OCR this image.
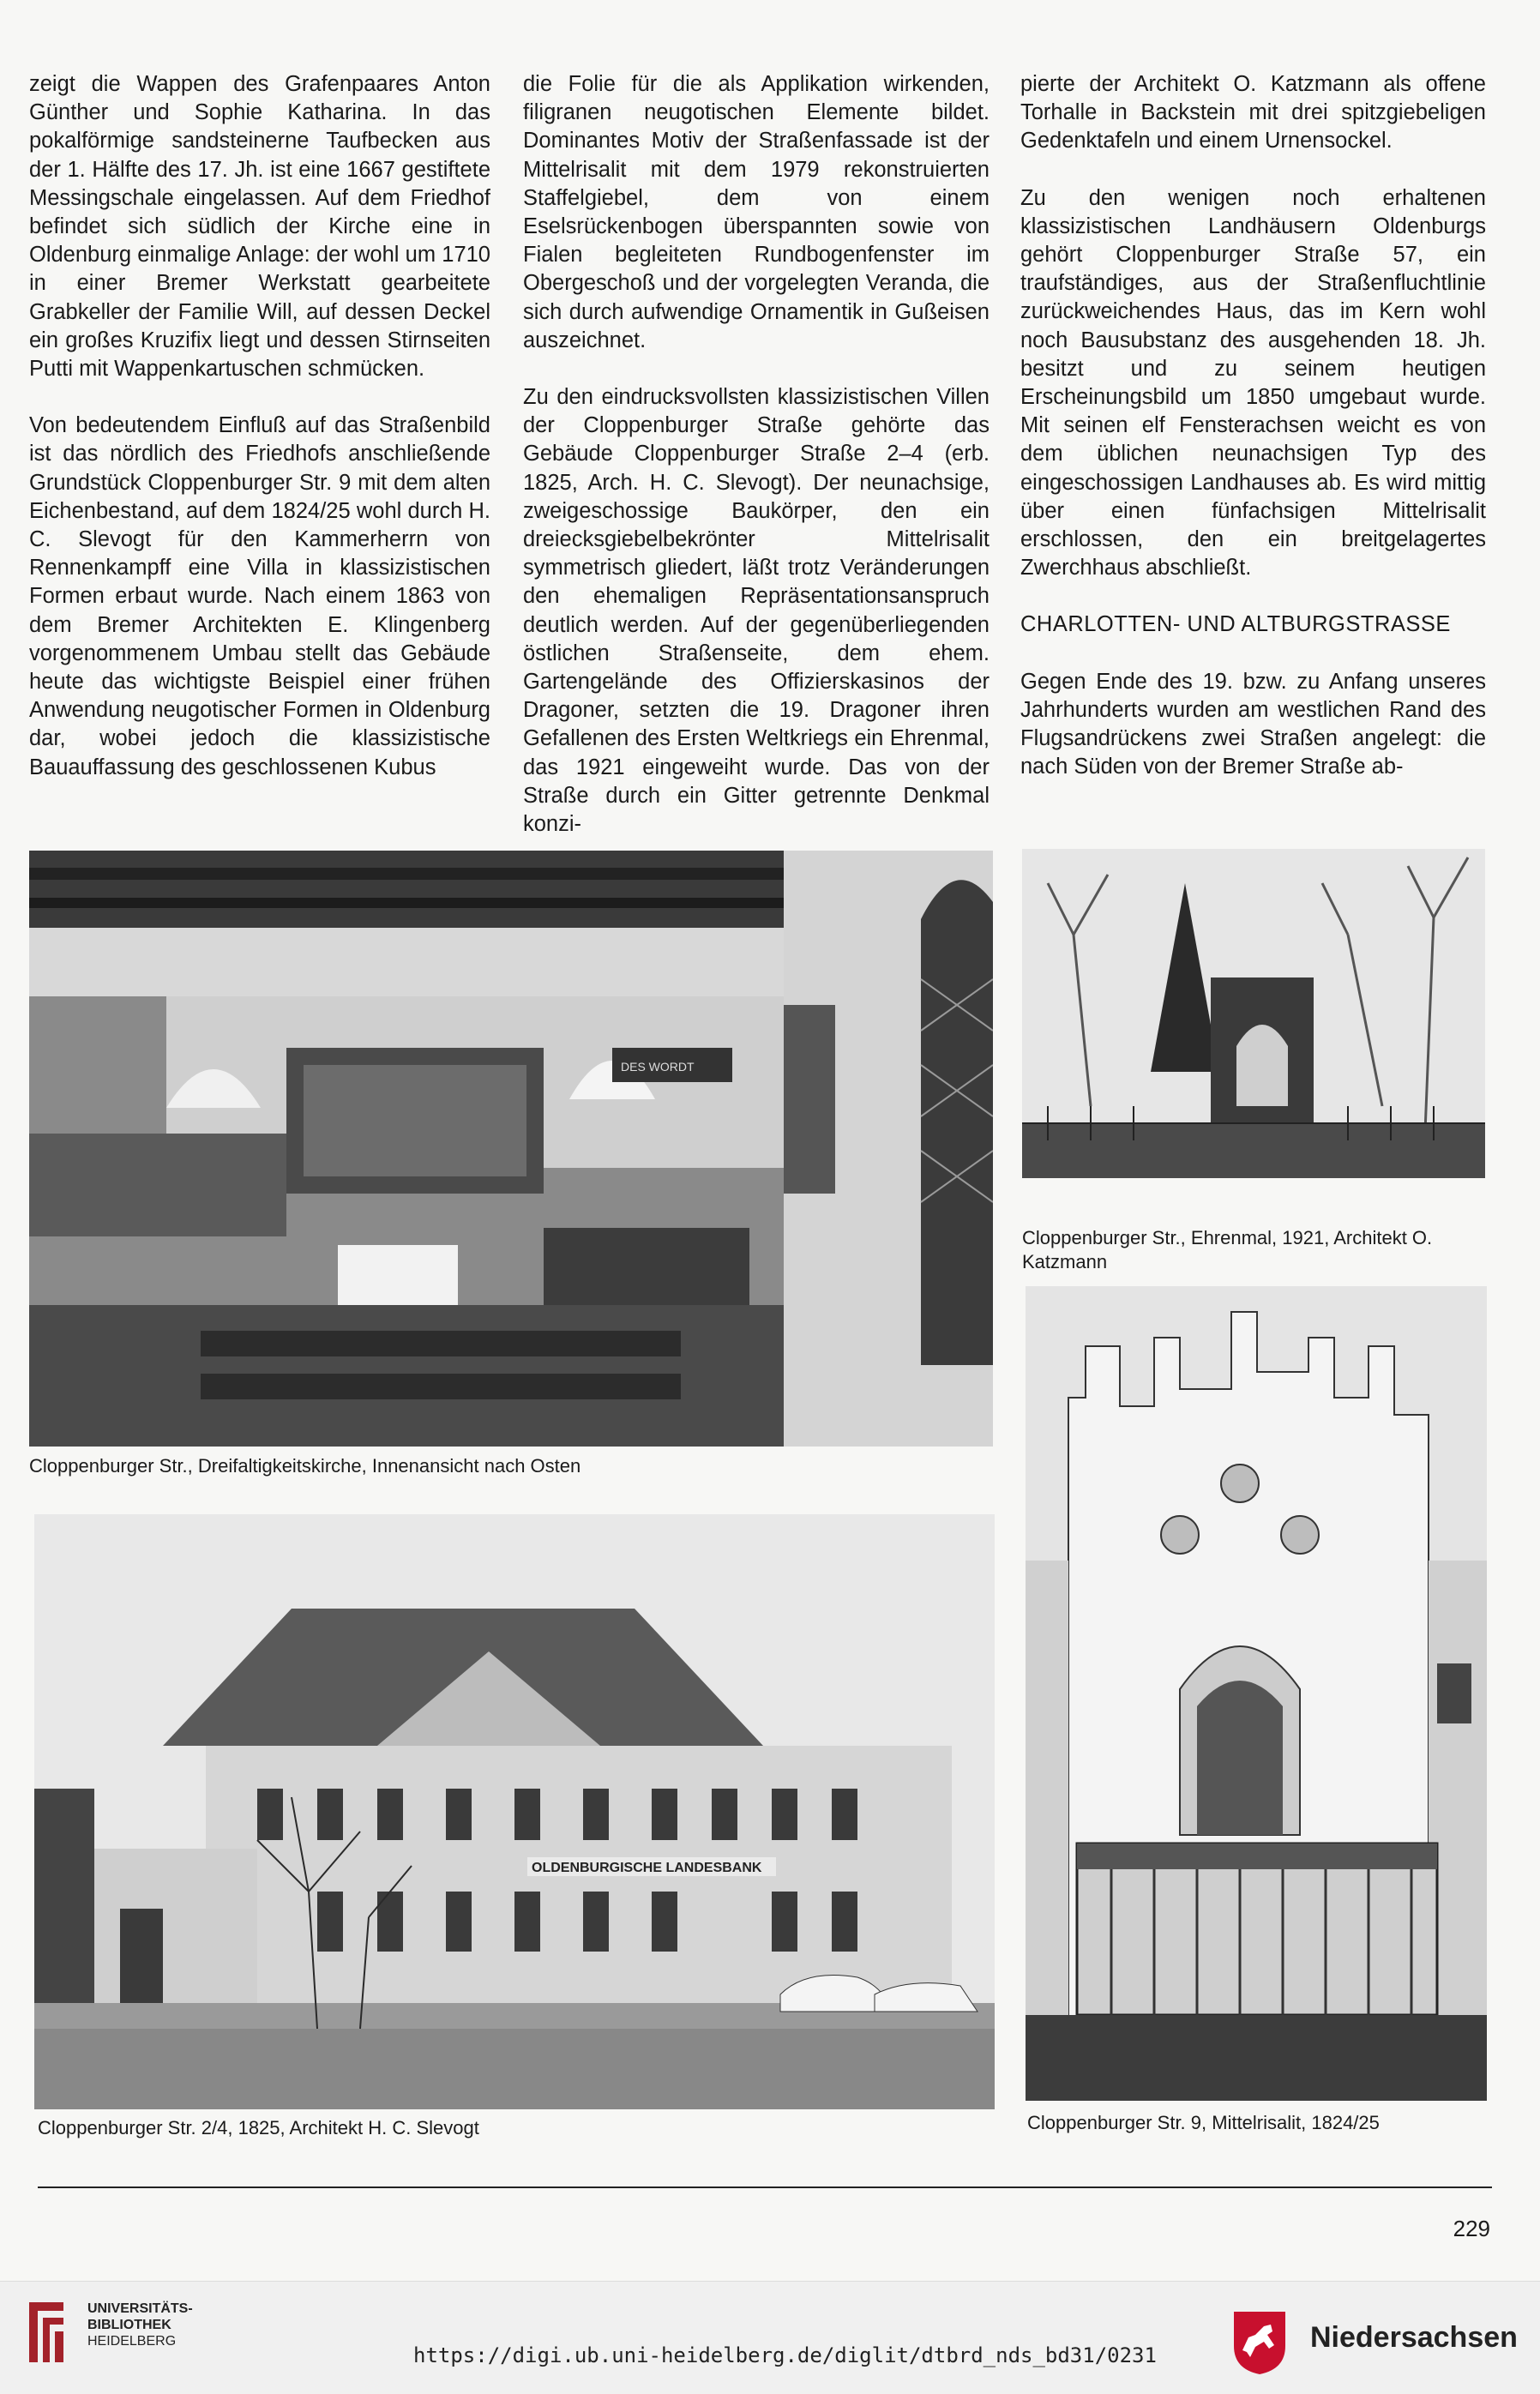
zeigt die Wappen des Grafenpaares Anton Günther und Sophie Katharina. In das pokalförmige sandsteinerne Taufbecken aus der 1. Hälfte des 17. Jh. ist eine 1667 gestiftete Messingschale eingelassen. Auf dem Friedhof befindet sich südlich der Kirche eine in Oldenburg einmalige Anlage: der wohl um 1710 in einer Bremer Werkstatt gearbeitete Grabkeller der Familie Will, auf dessen Deckel ein großes Kruzifix liegt und dessen Stirnseiten Putti mit Wappenkartuschen schmücken.

Von bedeutendem Einfluß auf das Straßenbild ist das nördlich des Friedhofs anschließende Grundstück Cloppenburger Str. 9 mit dem alten Eichenbestand, auf dem 1824/25 wohl durch H. C. Slevogt für den Kammerherrn von Rennenkampff eine Villa in klassizistischen Formen erbaut wurde. Nach einem 1863 von dem Bremer Architekten E. Klingenberg vorgenommenem Umbau stellt das Gebäude heute das wichtigste Beispiel einer frühen Anwendung neugotischer Formen in Oldenburg dar, wobei jedoch die klassizistische Bauauffassung des geschlossenen Kubus

die Folie für die als Applikation wirkenden, filigranen neugotischen Elemente bildet. Dominantes Motiv der Straßenfassade ist der Mittelrisalit mit dem 1979 rekonstruierten Staffelgiebel, dem von einem Eselsrückenbogen überspannten sowie von Fialen begleiteten Rundbogenfenster im Obergeschoß und der vorgelegten Veranda, die sich durch aufwendige Ornamentik in Gußeisen auszeichnet.

Zu den eindrucksvollsten klassizistischen Villen der Cloppenburger Straße gehörte das Gebäude Cloppenburger Straße 2–4 (erb. 1825, Arch. H. C. Slevogt). Der neunachsige, zweigeschossige Baukörper, den ein dreiecksgiebelbekrönter Mittelrisalit symmetrisch gliedert, läßt trotz Veränderungen den ehemaligen Repräsentationsanspruch deutlich werden. Auf der gegenüberliegenden östlichen Straßenseite, dem ehem. Gartengelände des Offizierskasinos der Dragoner, setzten die 19. Dragoner ihren Gefallenen des Ersten Weltkriegs ein Ehrenmal, das 1921 eingeweiht wurde. Das von der Straße durch ein Gitter getrennte Denkmal konzi-

pierte der Architekt O. Katzmann als offene Torhalle in Backstein mit drei spitzgiebeligen Gedenktafeln und einem Urnensockel.

Zu den wenigen noch erhaltenen klassizistischen Landhäusern Oldenburgs gehört Cloppenburger Straße 57, ein traufständiges, aus der Straßenfluchtlinie zurückweichendes Haus, das im Kern wohl noch Bausubstanz des ausgehenden 18. Jh. besitzt und zu seinem heutigen Erscheinungsbild um 1850 umgebaut wurde. Mit seinen elf Fensterachsen weicht es von dem üblichen neunachsigen Typ des eingeschossigen Landhauses ab. Es wird mittig über einen fünfachsigen Mittelrisalit erschlossen, den ein breitgelagertes Zwerchhaus abschließt.

CHARLOTTEN- UND ALTBURGSTRASSE

Gegen Ende des 19. bzw. zu Anfang unseres Jahrhunderts wurden am westlichen Rand des Flugsandrückens zwei Straßen angelegt: die nach Süden von der Bremer Straße ab-

DES WORDT
Cloppenburger Str., Dreifaltigkeitskirche, Innenansicht nach Osten
Cloppenburger Str., Ehrenmal, 1921, Architekt O. Katzmann
OLDENBURGISCHE LANDESBANK
Cloppenburger Str. 2/4, 1825, Architekt H. C. Slevogt	Cloppenburger Str. 9, Mittelrisalit, 1824/25
229
UNIVERSITÄTS-
BIBLIOTHEK
HEIDELBERG
https://digi.ub.uni-heidelberg.de/diglit/dtbrd_nds_bd31/0231
Niedersachsen
